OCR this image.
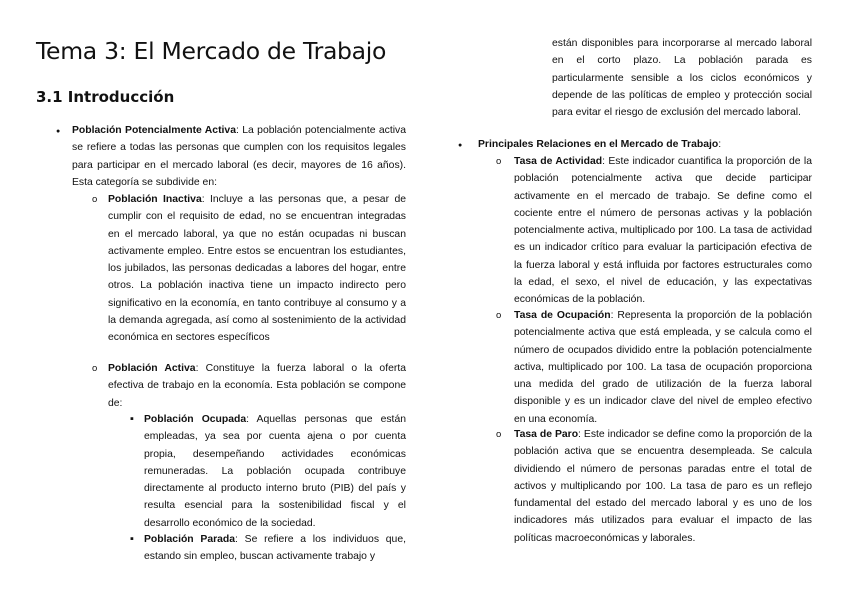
Tema 3: El Mercado de Trabajo
3.1 Introducción
●
Población Potencialmente Activa: La población potencialmente activa se refiere a todas las personas que cumplen con los requisitos legales para participar en el mercado laboral (es decir, mayores de 16 años). Esta categoría se subdivide en:
o
Población Inactiva: Incluye a las personas que, a pesar de cumplir con el requisito de edad, no se encuentran integradas en el mercado laboral, ya que no están ocupadas ni buscan activamente empleo. Entre estos se encuentran los estudiantes, los jubilados, las personas dedicadas a labores del hogar, entre otros. La población inactiva tiene un impacto indirecto pero significativo en la economía, en tanto contribuye al consumo y a la demanda agregada, así como al sostenimiento de la actividad económica en sectores específicos
o
Población Activa: Constituye la fuerza laboral o la oferta efectiva de trabajo en la economía. Esta población se compone de:
▪
Población Ocupada: Aquellas personas que están empleadas, ya sea por cuenta ajena o por cuenta propia, desempeñando actividades económicas remuneradas. La población ocupada contribuye directamente al producto interno bruto (PIB) del país y resulta esencial para la sostenibilidad fiscal y el desarrollo económico de la sociedad.
▪
Población Parada: Se refiere a los individuos que, estando sin empleo, buscan activamente trabajo y
están disponibles para incorporarse al mercado laboral en el corto plazo. La población parada es particularmente sensible a los ciclos económicos y depende de las políticas de empleo y protección social para evitar el riesgo de exclusión del mercado laboral.
●
Principales Relaciones en el Mercado de Trabajo:
o
Tasa de Actividad: Este indicador cuantifica la proporción de la población potencialmente activa que decide participar activamente en el mercado de trabajo. Se define como el cociente entre el número de personas activas y la población potencialmente activa, multiplicado por 100. La tasa de actividad es un indicador crítico para evaluar la participación efectiva de la fuerza laboral y está influida por factores estructurales como la edad, el sexo, el nivel de educación, y las expectativas económicas de la población.
o
Tasa de Ocupación: Representa la proporción de la población potencialmente activa que está empleada, y se calcula como el número de ocupados dividido entre la población potencialmente activa, multiplicado por 100. La tasa de ocupación proporciona una medida del grado de utilización de la fuerza laboral disponible y es un indicador clave del nivel de empleo efectivo en una economía.
o
Tasa de Paro: Este indicador se define como la proporción de la población activa que se encuentra desempleada. Se calcula dividiendo el número de personas paradas entre el total de activos y multiplicando por 100. La tasa de paro es un reflejo fundamental del estado del mercado laboral y es uno de los indicadores más utilizados para evaluar el impacto de las políticas macroeconómicas y laborales.
